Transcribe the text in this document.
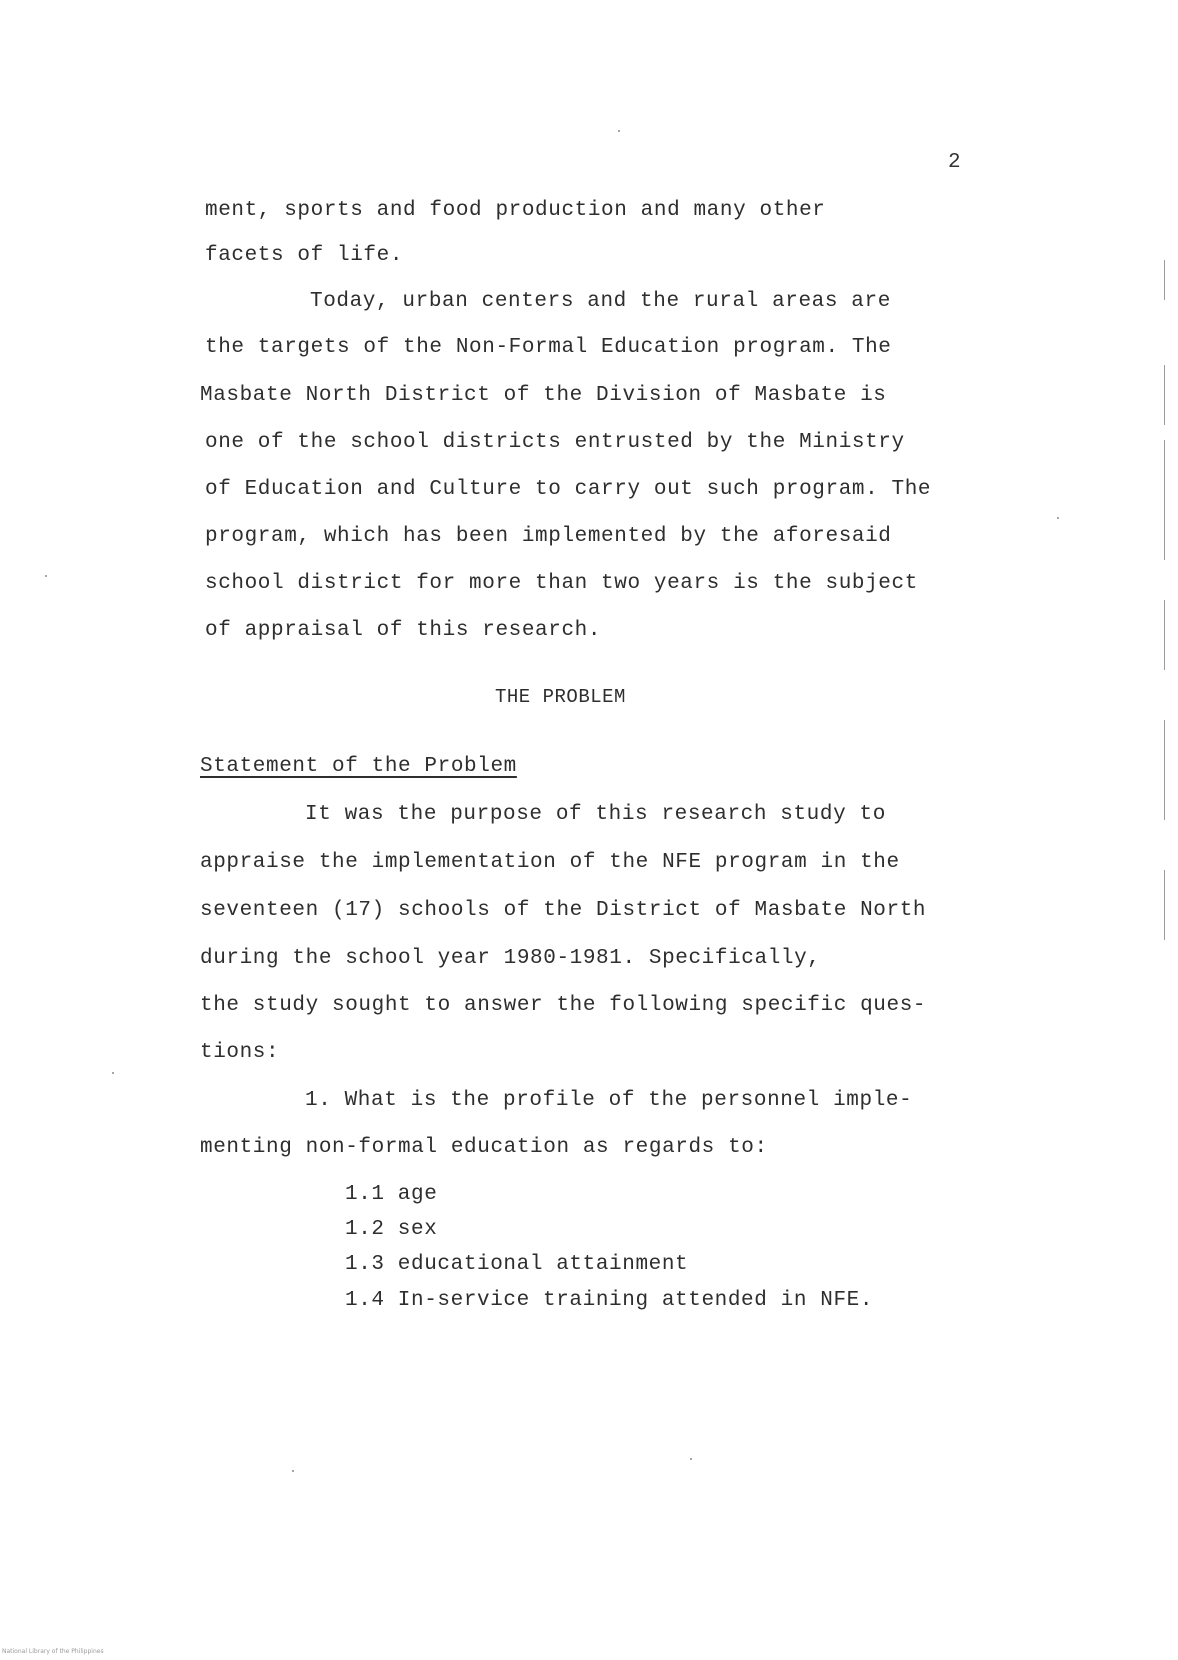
2
ment, sports and food production and many other
facets of life.
Today, urban centers and the rural areas are
the targets of the Non-Formal Education program. The
Masbate North District of the Division of Masbate is
one of the school districts entrusted by the Ministry
of Education and Culture to carry out such program. The
program, which has been implemented by the aforesaid
school district for more than two years is the subject
of appraisal of this research.
THE PROBLEM
Statement of the Problem
It was the purpose of this research study to
appraise the implementation of the NFE program in the
seventeen (17) schools of the District of Masbate North
during the school year 1980-1981. Specifically,
the study sought to answer the following specific ques-
tions:
1. What is the profile of the personnel imple-
menting non-formal education as regards to:
1.1 age
1.2 sex
1.3 educational attainment
1.4 In-service training attended in NFE.
National Library of the Philippines
